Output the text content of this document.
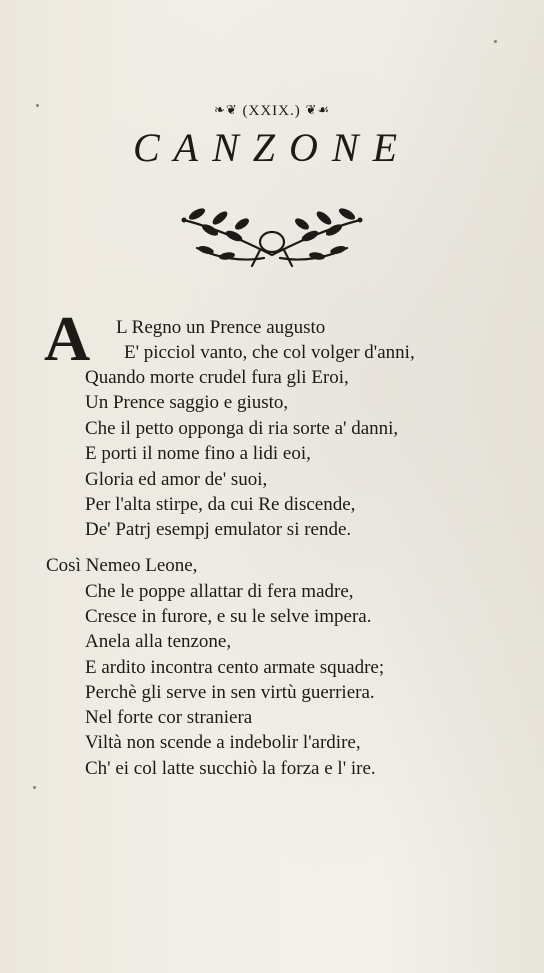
❧❦ (XXIX.) ❦☙
CANZONE
A L Regno un Prence augusto
E' picciol vanto, che col volger d'anni,
Quando morte crudel fura gli Eroi,
Un Prence saggio e giusto,
Che il petto opponga di ria sorte a' danni,
E porti il nome fino a lidi eoi,
Gloria ed amor de' suoi,
Per l'alta stirpe, da cui Re discende,
De' Patrj esempj emulator si rende.
Così Nemeo Leone,
Che le poppe allattar di fera madre,
Cresce in furore, e su le selve impera.
Anela alla tenzone,
E ardito incontra cento armate squadre;
Perchè gli serve in sen virtù guerriera.
Nel forte cor straniera
Viltà non scende a indebolir l'ardire,
Ch' ei col latte succhiò la forza e l' ire.
